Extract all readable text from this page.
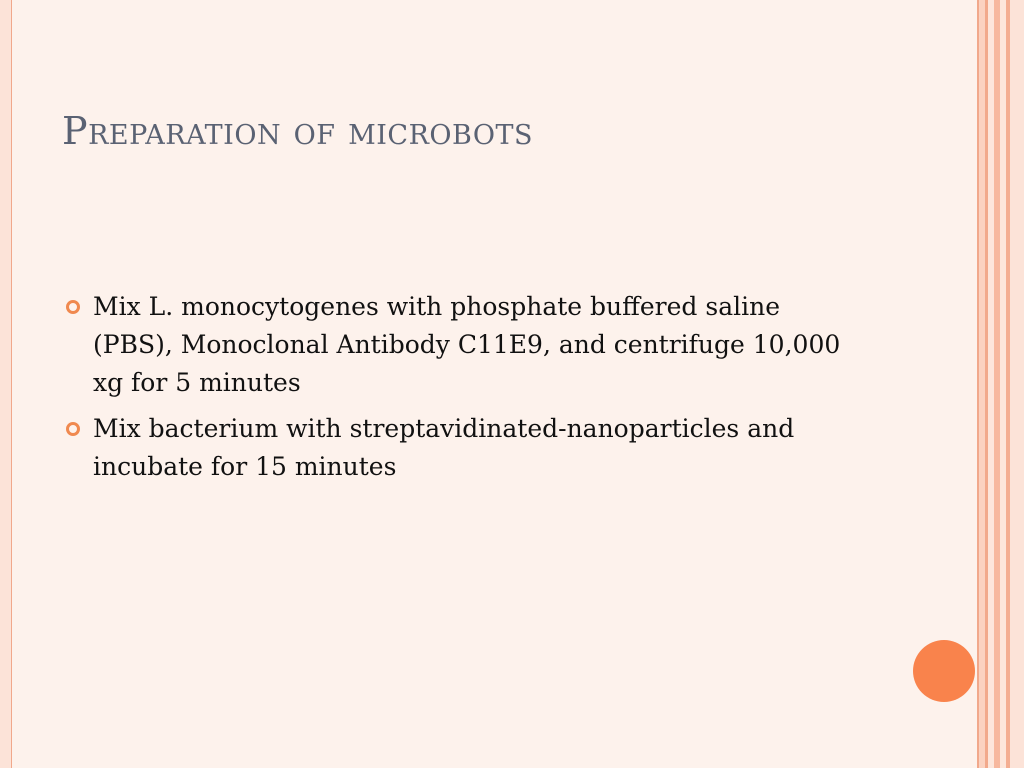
Preparation of microbots
Mix L. monocytogenes with phosphate buffered saline (PBS), Monoclonal Antibody C11E9, and centrifuge 10,000 xg for 5 minutes
Mix bacterium with streptavidinated-nanoparticles and incubate for 15 minutes
